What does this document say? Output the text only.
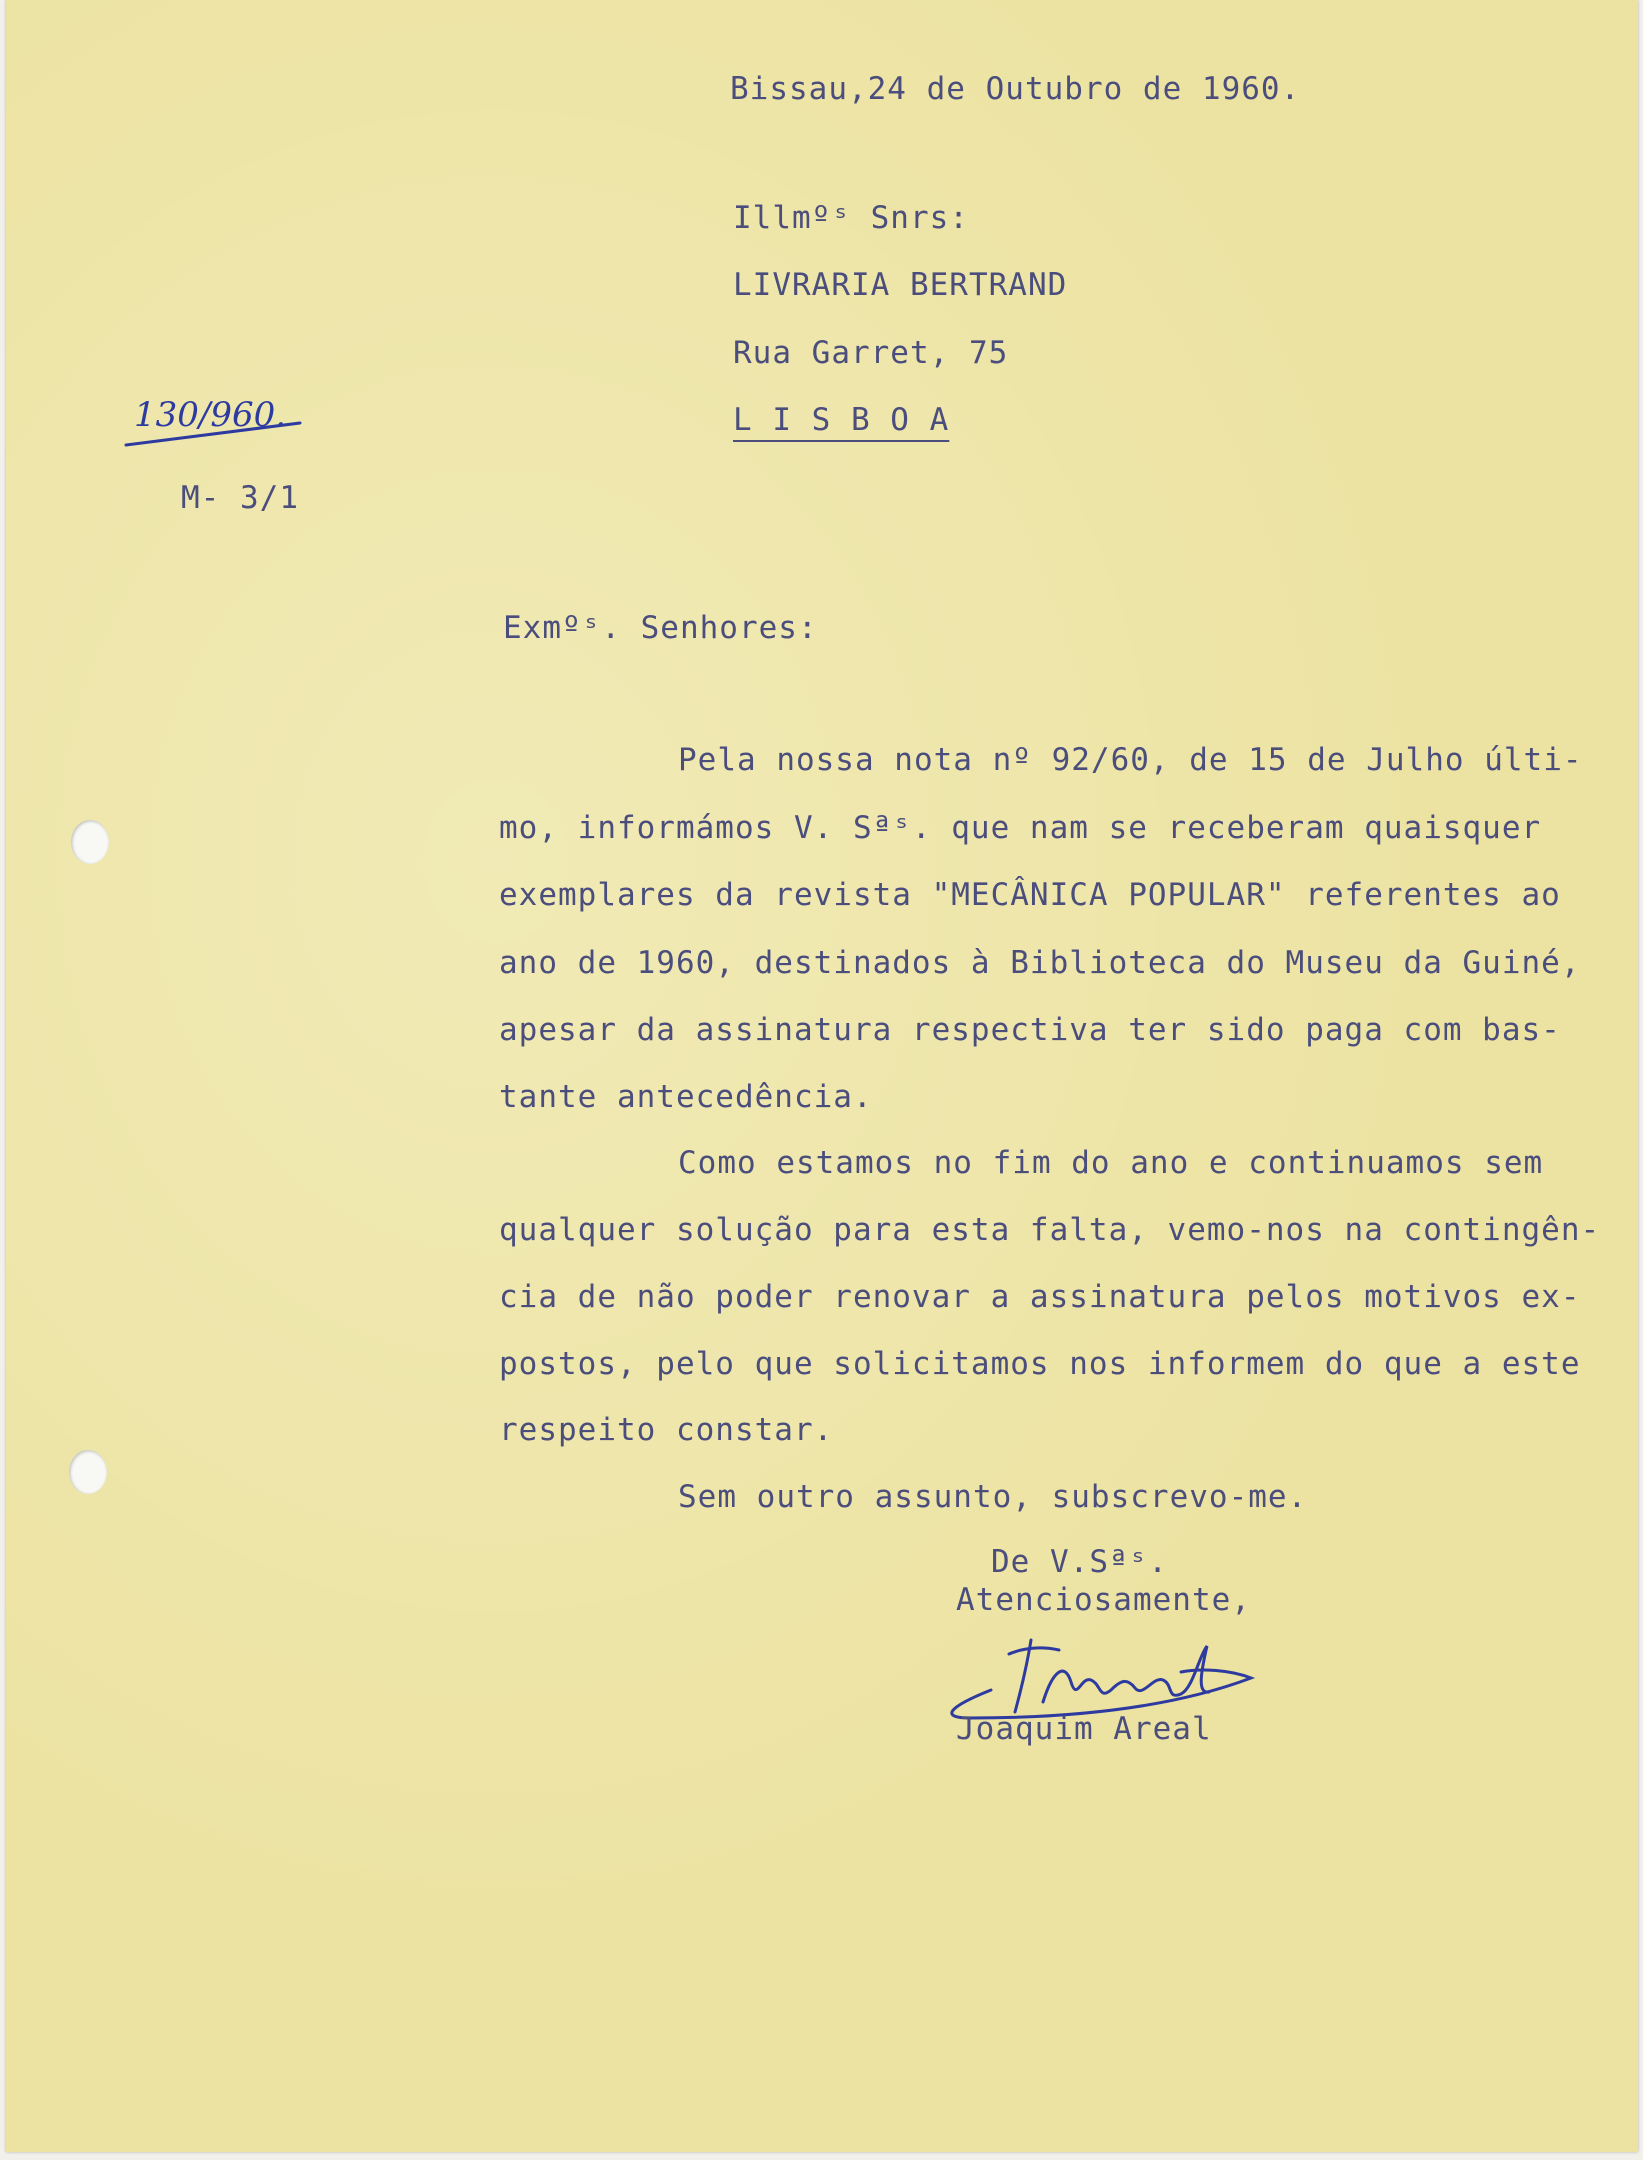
Bissau,24 de Outubro de 1960.
Illmºˢ Snrs:
LIVRARIA BERTRAND
Rua Garret, 75
L I S B O A
130/960.
M- 3/1
Exmºˢ. Senhores:
Pela nossa nota nº 92/60, de 15 de Julho últi-
mo, informámos V. Sªˢ. que nam se receberam quaisquer
exemplares da revista "MECÂNICA POPULAR" referentes ao
ano de 1960, destinados à Biblioteca do Museu da Guiné,
apesar da assinatura respectiva ter sido paga com bas-
tante antecedência.
Como estamos no fim do ano e continuamos sem
qualquer solução para esta falta, vemo-nos na contingên-
cia de não poder renovar a assinatura pelos motivos ex-
postos, pelo que solicitamos nos informem do que a este
respeito constar.
Sem outro assunto, subscrevo-me.
De V.Sªˢ.
Atenciosamente,
Joaquim Areal
